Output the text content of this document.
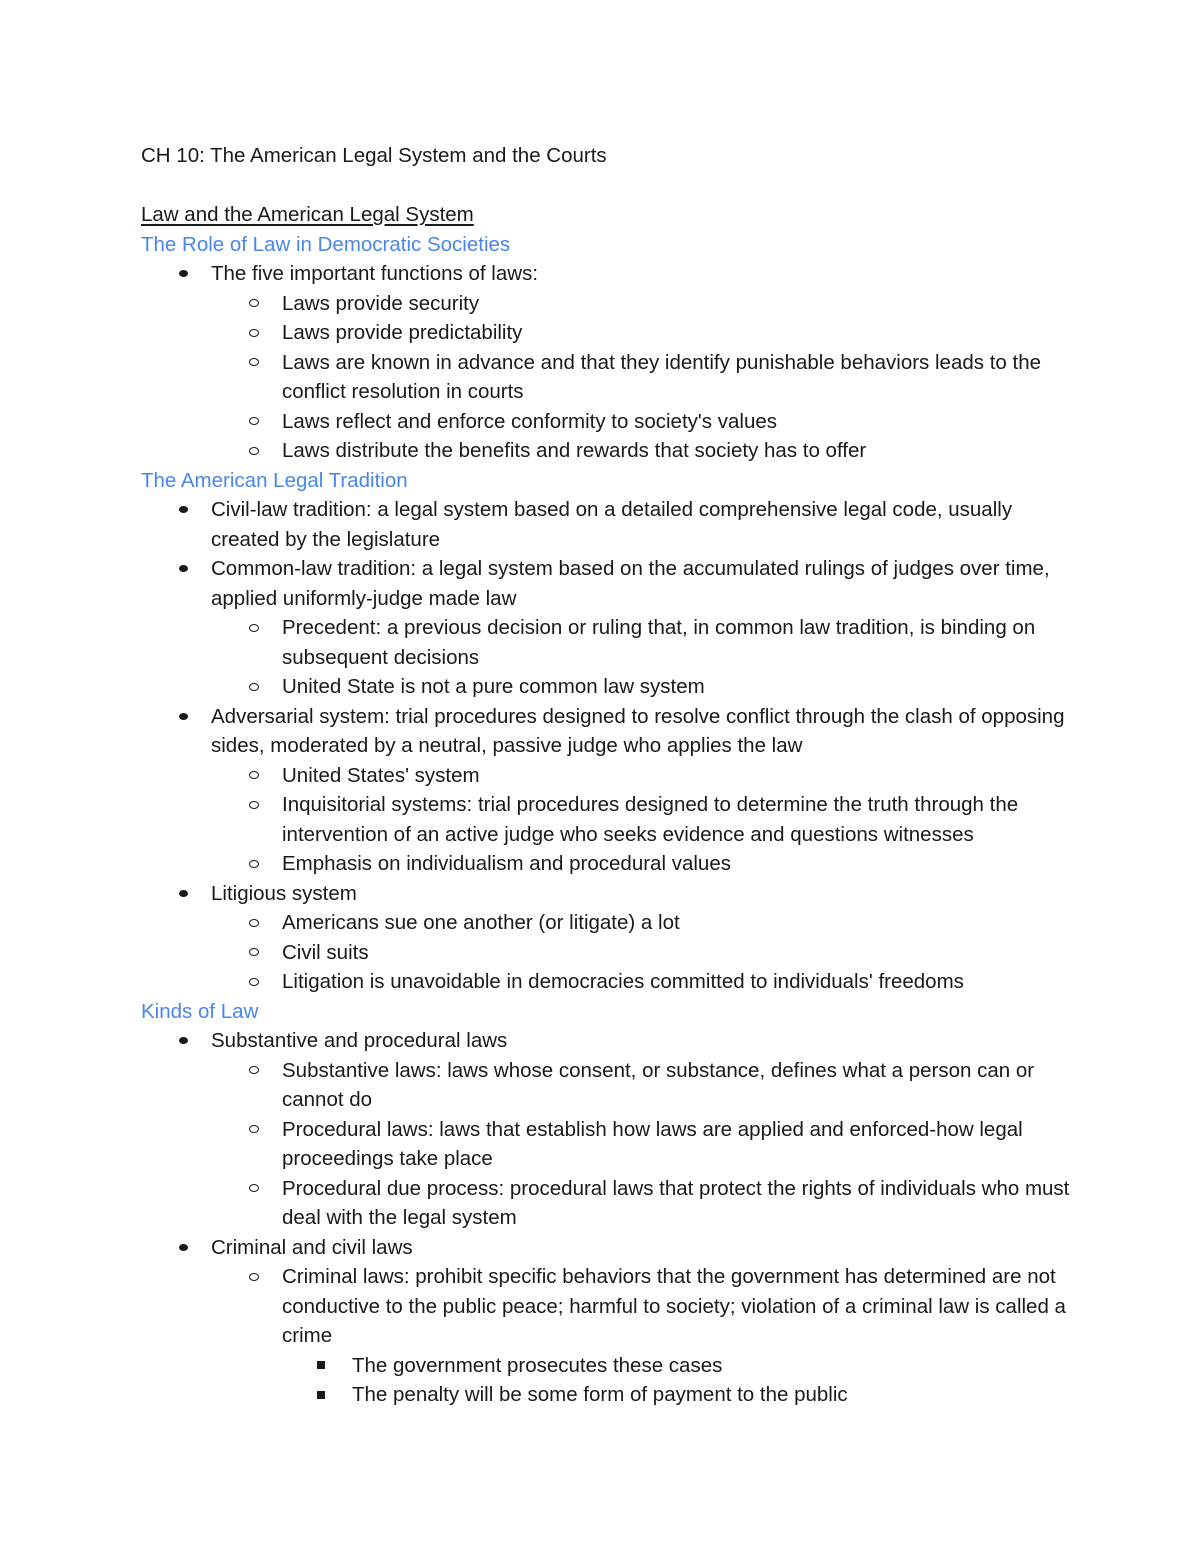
CH 10: The American Legal System and the Courts
Law and the American Legal System
The Role of Law in Democratic Societies
The five important functions of laws:
Laws provide security
Laws provide predictability
Laws are known in advance and that they identify punishable behaviors leads to the conflict resolution in courts
Laws reflect and enforce conformity to society's values
Laws distribute the benefits and rewards that society has to offer
The American Legal Tradition
Civil-law tradition: a legal system based on a detailed comprehensive legal code, usually created by the legislature
Common-law tradition: a legal system based on the accumulated rulings of judges over time, applied uniformly-judge made law
Precedent: a previous decision or ruling that, in common law tradition, is binding on subsequent decisions
United State is not a pure common law system
Adversarial system: trial procedures designed to resolve conflict through the clash of opposing sides, moderated by a neutral, passive judge who applies the law
United States' system
Inquisitorial systems: trial procedures designed to determine the truth through the intervention of an active judge who seeks evidence and questions witnesses
Emphasis on individualism and procedural values
Litigious system
Americans sue one another (or litigate) a lot
Civil suits
Litigation is unavoidable in democracies committed to individuals' freedoms
Kinds of Law
Substantive and procedural laws
Substantive laws: laws whose consent, or substance, defines what a person can or cannot do
Procedural laws: laws that establish how laws are applied and enforced-how legal proceedings take place
Procedural due process: procedural laws that protect the rights of individuals who must deal with the legal system
Criminal and civil laws
Criminal laws: prohibit specific behaviors that the government has determined are not conductive to the public peace; harmful to society; violation of a criminal law is called a crime
The government prosecutes these cases
The penalty will be some form of payment to the public
